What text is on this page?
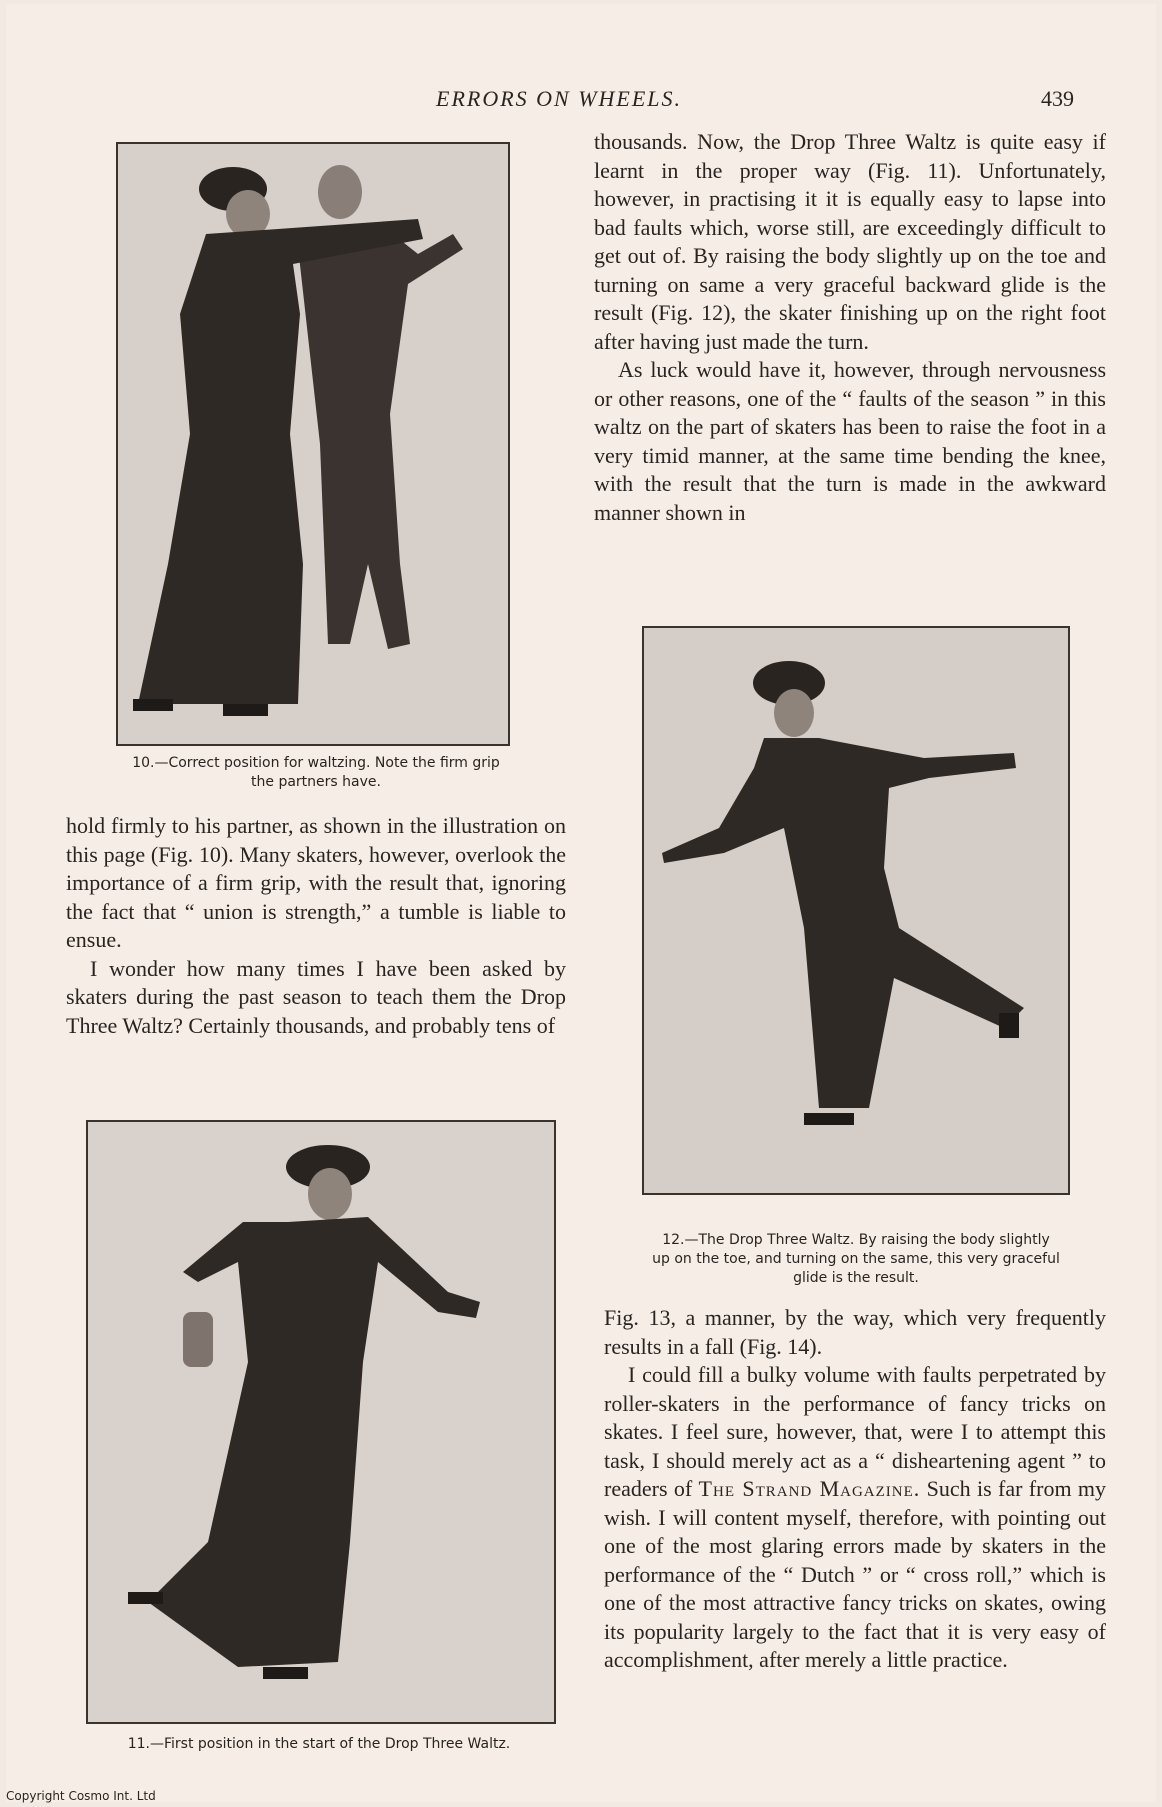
ERRORS ON WHEELS.	439
10.—Correct position for waltzing. Note the firm grip
the partners have.

hold firmly to his partner, as shown in the illustration on this page (Fig. 10). Many skaters, however, overlook the importance of a firm grip, with the result that, ignoring the fact that “ union is strength,” a tumble is liable to ensue.

I wonder how many times I have been asked by skaters during the past season to teach them the Drop Three Waltz? Certainly thousands, and probably tens of

11.—First position in the start of the Drop Three Waltz.

thousands. Now, the Drop Three Waltz is quite easy if learnt in the proper way (Fig. 11). Unfortunately, however, in practising it it is equally easy to lapse into bad faults which, worse still, are exceedingly difficult to get out of. By raising the body slightly up on the toe and turning on same a very graceful backward glide is the result (Fig. 12), the skater finishing up on the right foot after having just made the turn.

As luck would have it, however, through nervousness or other reasons, one of the “ faults of the season ” in this waltz on the part of skaters has been to raise the foot in a very timid manner, at the same time bending the knee, with the result that the turn is made in the awkward manner shown in

12.—The Drop Three Waltz. By raising the body slightly
up on the toe, and turning on the same, this very graceful
glide is the result.

Fig. 13, a manner, by the way, which very frequently results in a fall (Fig. 14).

I could fill a bulky volume with faults perpetrated by roller-skaters in the performance of fancy tricks on skates. I feel sure, however, that, were I to attempt this task, I should merely act as a “ disheartening agent ” to readers of The Strand Magazine. Such is far from my wish. I will content myself, therefore, with pointing out one of the most glaring errors made by skaters in the performance of the “ Dutch ” or “ cross roll,” which is one of the most attractive fancy tricks on skates, owing its popularity largely to the fact that it is very easy of accomplishment, after merely a little practice.

Copyright Cosmo Int. Ltd
